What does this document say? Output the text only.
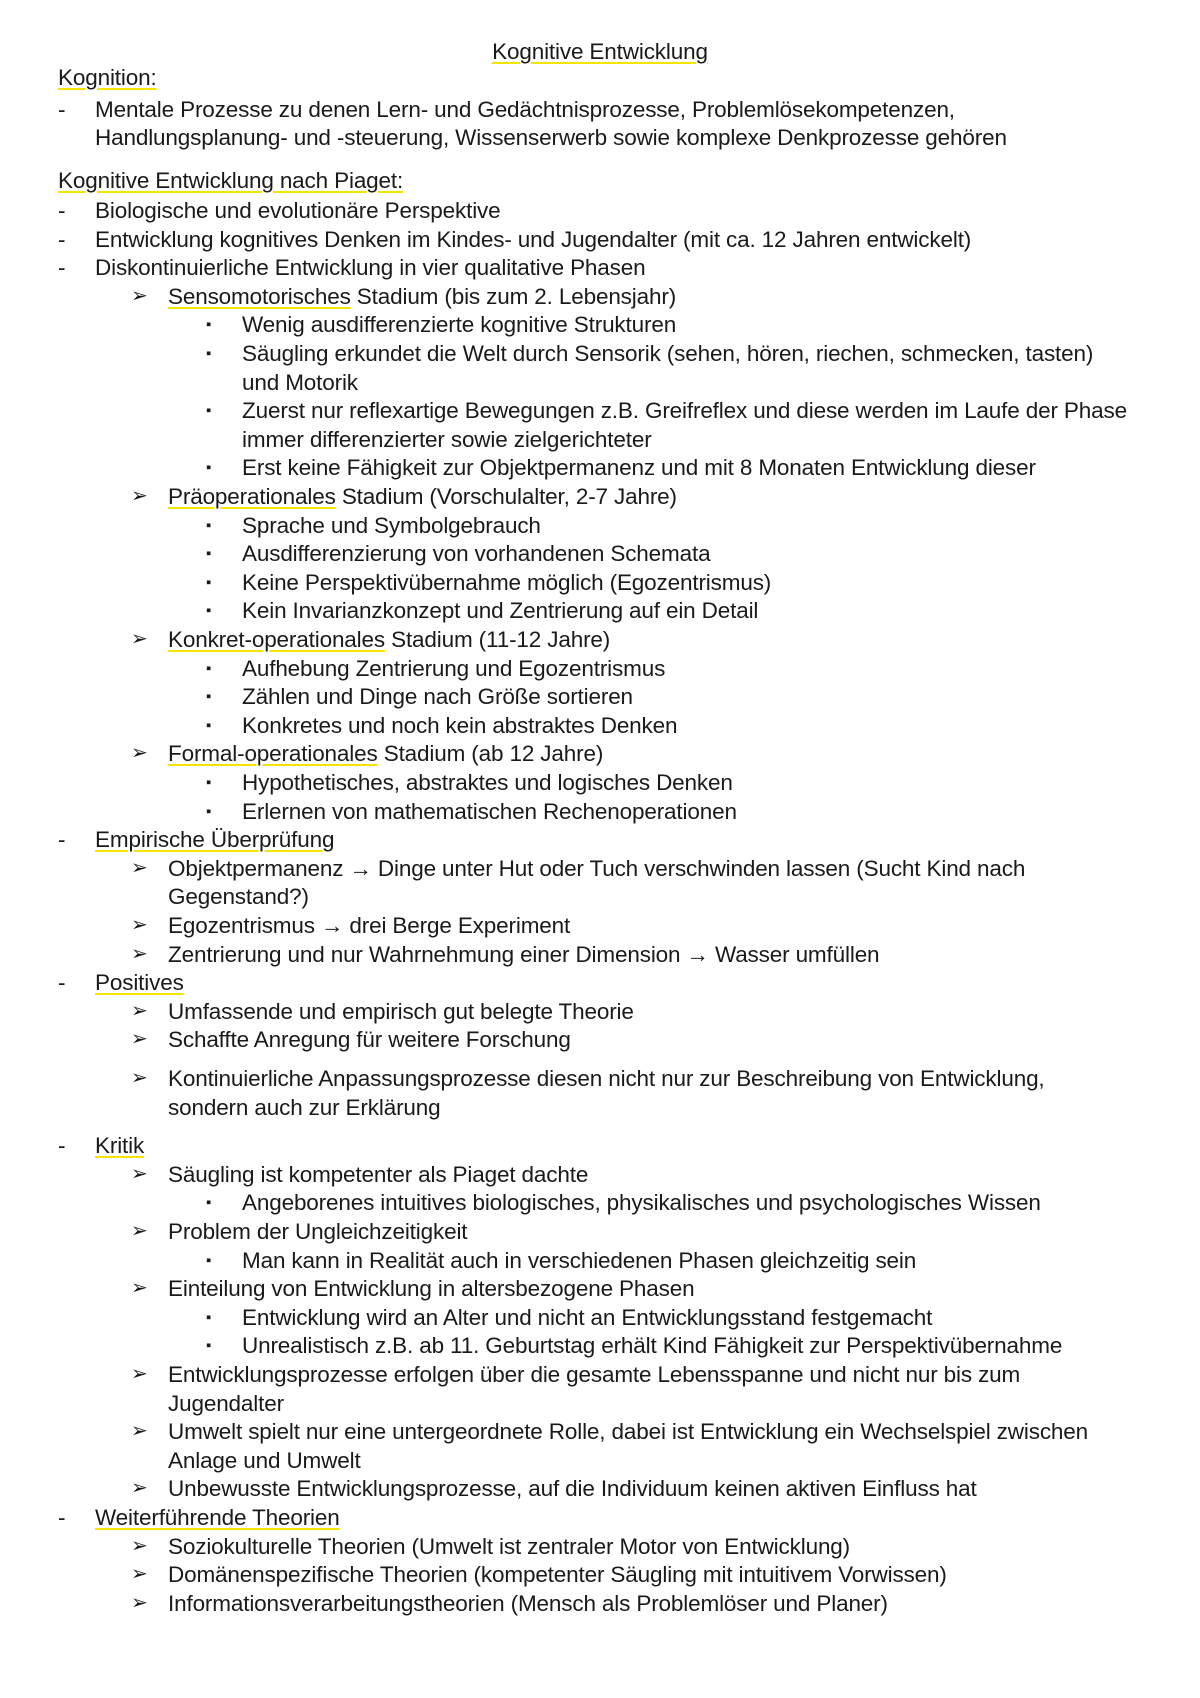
Kognitive Entwicklung
Kognition:
- Mentale Prozesse zu denen Lern- und Gedächtnisprozesse, Problemlösekompetenzen,
Handlungsplanung- und -steuerung, Wissenserwerb sowie komplexe Denkprozesse gehören
Kognitive Entwicklung nach Piaget:
- Biologische und evolutionäre Perspektive
- Entwicklung kognitives Denken im Kindes- und Jugendalter (mit ca. 12 Jahren entwickelt)
- Diskontinuierliche Entwicklung in vier qualitative Phasen
➢ Sensomotorisches Stadium (bis zum 2. Lebensjahr)
▪ Wenig ausdifferenzierte kognitive Strukturen
▪ Säugling erkundet die Welt durch Sensorik (sehen, hören, riechen, schmecken, tasten)
und Motorik
▪ Zuerst nur reflexartige Bewegungen z.B. Greifreflex und diese werden im Laufe der Phase
immer differenzierter sowie zielgerichteter
▪ Erst keine Fähigkeit zur Objektpermanenz und mit 8 Monaten Entwicklung dieser
➢ Präoperationales Stadium (Vorschulalter, 2-7 Jahre)
▪ Sprache und Symbolgebrauch
▪ Ausdifferenzierung von vorhandenen Schemata
▪ Keine Perspektivübernahme möglich (Egozentrismus)
▪ Kein Invarianzkonzept und Zentrierung auf ein Detail
➢ Konkret-operationales Stadium (11-12 Jahre)
▪ Aufhebung Zentrierung und Egozentrismus
▪ Zählen und Dinge nach Größe sortieren
▪ Konkretes und noch kein abstraktes Denken
➢ Formal-operationales Stadium (ab 12 Jahre)
▪ Hypothetisches, abstraktes und logisches Denken
▪ Erlernen von mathematischen Rechenoperationen
- Empirische Überprüfung
➢ Objektpermanenz → Dinge unter Hut oder Tuch verschwinden lassen (Sucht Kind nach
Gegenstand?)
➢ Egozentrismus → drei Berge Experiment
➢ Zentrierung und nur Wahrnehmung einer Dimension → Wasser umfüllen
- Positives
➢ Umfassende und empirisch gut belegte Theorie
➢ Schaffte Anregung für weitere Forschung
➢ Kontinuierliche Anpassungsprozesse diesen nicht nur zur Beschreibung von Entwicklung,
sondern auch zur Erklärung
- Kritik
➢ Säugling ist kompetenter als Piaget dachte
▪ Angeborenes intuitives biologisches, physikalisches und psychologisches Wissen
➢ Problem der Ungleichzeitigkeit
▪ Man kann in Realität auch in verschiedenen Phasen gleichzeitig sein
➢ Einteilung von Entwicklung in altersbezogene Phasen
▪ Entwicklung wird an Alter und nicht an Entwicklungsstand festgemacht
▪ Unrealistisch z.B. ab 11. Geburtstag erhält Kind Fähigkeit zur Perspektivübernahme
➢ Entwicklungsprozesse erfolgen über die gesamte Lebensspanne und nicht nur bis zum
Jugendalter
➢ Umwelt spielt nur eine untergeordnete Rolle, dabei ist Entwicklung ein Wechselspiel zwischen
Anlage und Umwelt
➢ Unbewusste Entwicklungsprozesse, auf die Individuum keinen aktiven Einfluss hat
- Weiterführende Theorien
➢ Soziokulturelle Theorien (Umwelt ist zentraler Motor von Entwicklung)
➢ Domänenspezifische Theorien (kompetenter Säugling mit intuitivem Vorwissen)
➢ Informationsverarbeitungstheorien (Mensch als Problemlöser und Planer)
